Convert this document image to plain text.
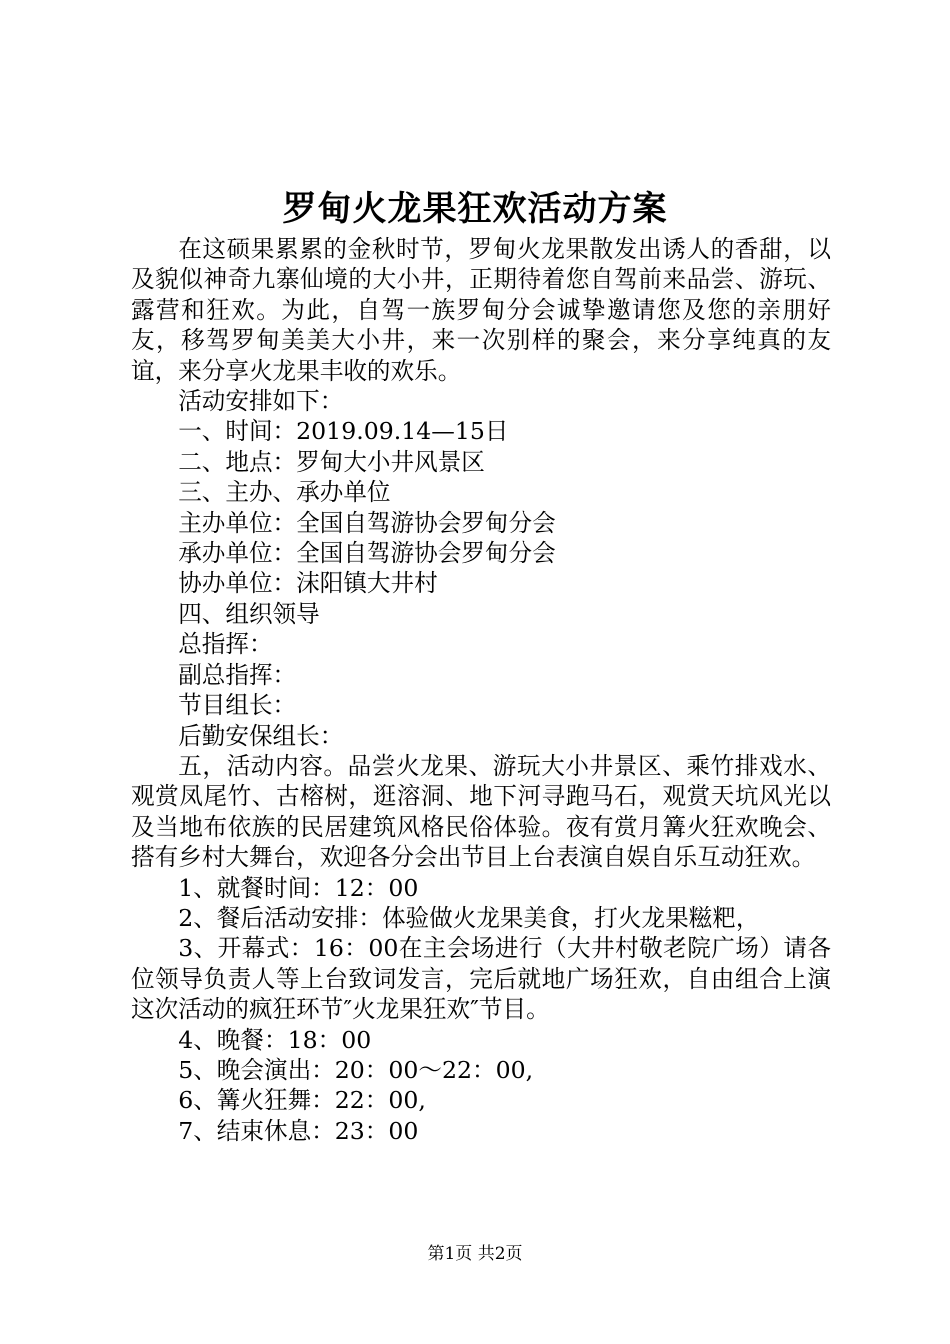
罗甸火龙果狂欢活动方案

在这硕果累累的金秋时节，罗甸火龙果散发出诱人的香甜，以及貌似神奇九寨仙境的大小井，正期待着您自驾前来品尝、游玩、露营和狂欢。为此，自驾一族罗甸分会诚挚邀请您及您的亲朋好友，移驾罗甸美美大小井，来一次别样的聚会，来分享纯真的友谊，来分享火龙果丰收的欢乐。

活动安排如下：

一、时间：2019.09.14—15日

二、地点：罗甸大小井风景区

三、主办、承办单位

主办单位：全国自驾游协会罗甸分会

承办单位：全国自驾游协会罗甸分会

协办单位：沫阳镇大井村

四、组织领导

总指挥：

副总指挥：

节目组长：

后勤安保组长：

五，活动内容。品尝火龙果、游玩大小井景区、乘竹排戏水、观赏凤尾竹、古榕树，逛溶洞、地下河寻跑马石，观赏天坑风光以及当地布依族的民居建筑风格民俗体验。夜有赏月篝火狂欢晚会、搭有乡村大舞台，欢迎各分会出节目上台表演自娱自乐互动狂欢。

1、就餐时间：12：00

2、餐后活动安排：体验做火龙果美食，打火龙果糍粑，

3、开幕式：16：00在主会场进行（大井村敬老院广场）请各位领导负责人等上台致词发言，完后就地广场狂欢，自由组合上演这次活动的疯狂环节″火龙果狂欢″节目。

4、晚餐：18：00

5、晚会演出：20：00～22：00,

6、篝火狂舞：22：00,

7、结束休息：23：00

第1页 共2页
